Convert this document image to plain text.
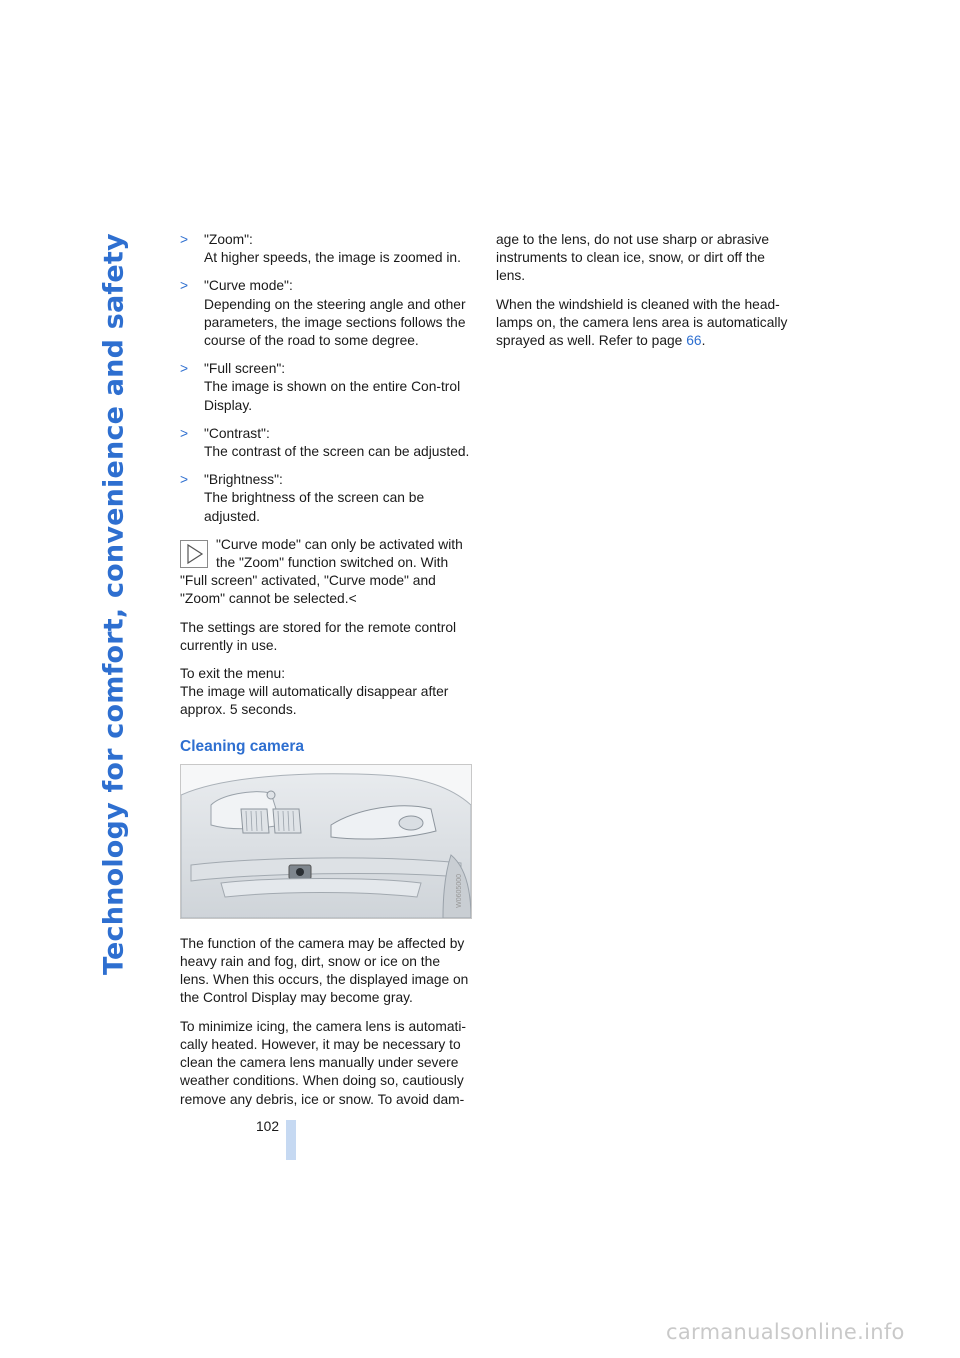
Technology for comfort, convenience and safety	>	"Zoom":
At higher speeds, the image is zoomed in.
>	"Curve mode":
Depending on the steering angle and other parameters, the image sections follows the course of the road to some degree.
>	"Full screen":
The image is shown on the entire Con-trol Display.
>	"Contrast":
The contrast of the screen can be adjusted.
>	"Brightness":
The brightness of the screen can be adjusted.
"Curve mode" can only be activated with the "Zoom" function switched on. With "Full screen" activated, "Curve mode" and "Zoom" cannot be selected.<

The settings are stored for the remote control currently in use.

To exit the menu:
The image will automatically disappear after approx. 5 seconds.

Cleaning camera
W0605000

The function of the camera may be affected by heavy rain and fog, dirt, snow or ice on the lens. When this occurs, the displayed image on the Control Display may become gray.

To minimize icing, the camera lens is automati-cally heated. However, it may be necessary to clean the camera lens manually under severe weather conditions. When doing so, cautiously remove any debris, ice or snow. To avoid dam-

age to the lens, do not use sharp or abrasive instruments to clean ice, snow, or dirt off the lens.

When the windshield is cleaned with the head-lamps on, the camera lens area is automatically sprayed as well. Refer to page 66.

102
carmanualsonline.info
